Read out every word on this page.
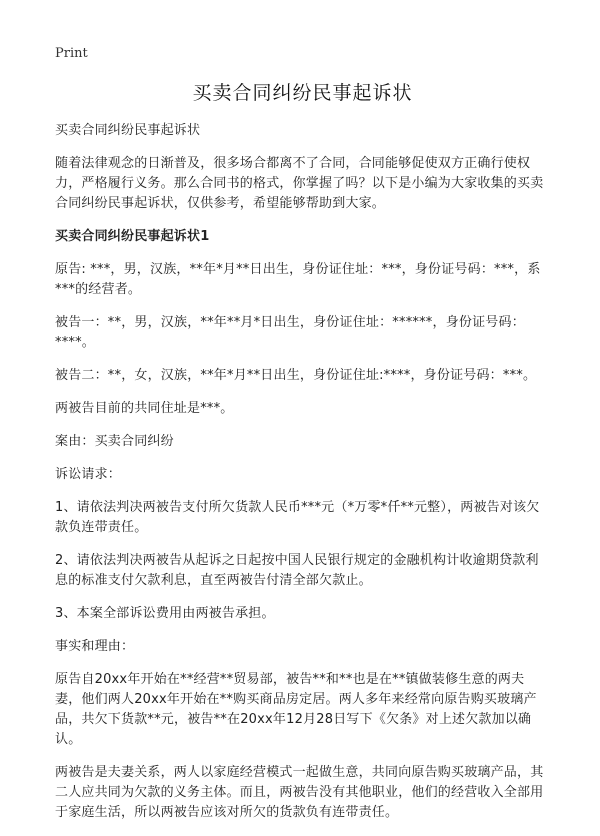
Print
买卖合同纠纷民事起诉状

买卖合同纠纷民事起诉状

随着法律观念的日渐普及，很多场合都离不了合同，合同能够促使双方正确行使权力，严格履行义务。那么合同书的格式，你掌握了吗？以下是小编为大家收集的买卖合同纠纷民事起诉状，仅供参考，希望能够帮助到大家。

买卖合同纠纷民事起诉状1

原告: ***，男，汉族，**年*月**日出生，身份证住址：***，身份证号码：***，系***的经营者。

被告一：**，男，汉族，**年**月*日出生，身份证住址：******，身份证号码：****。

被告二：**，女，汉族，**年*月**日出生，身份证住址:****，身份证号码：***。

两被告目前的共同住址是***。

案由：买卖合同纠纷

诉讼请求：

1、请依法判决两被告支付所欠货款人民币***元（*万零*仟**元整），两被告对该欠款负连带责任。

2、请依法判决两被告从起诉之日起按中国人民银行规定的金融机构计收逾期贷款利息的标准支付欠款利息，直至两被告付清全部欠款止。

3、本案全部诉讼费用由两被告承担。

事实和理由：

原告自20xx年开始在**经营**贸易部，被告**和**也是在**镇做装修生意的两夫妻，他们两人20xx年开始在**购买商品房定居。两人多年来经常向原告购买玻璃产品，共欠下货款**元，被告**在20xx年12月28日写下《欠条》对上述欠款加以确认。

两被告是夫妻关系，两人以家庭经营模式一起做生意，共同向原告购买玻璃产品，其二人应共同为欠款的义务主体。而且，两被告没有其他职业，他们的经营收入全部用于家庭生活，所以两被告应该对所欠的货款负有连带责任。
